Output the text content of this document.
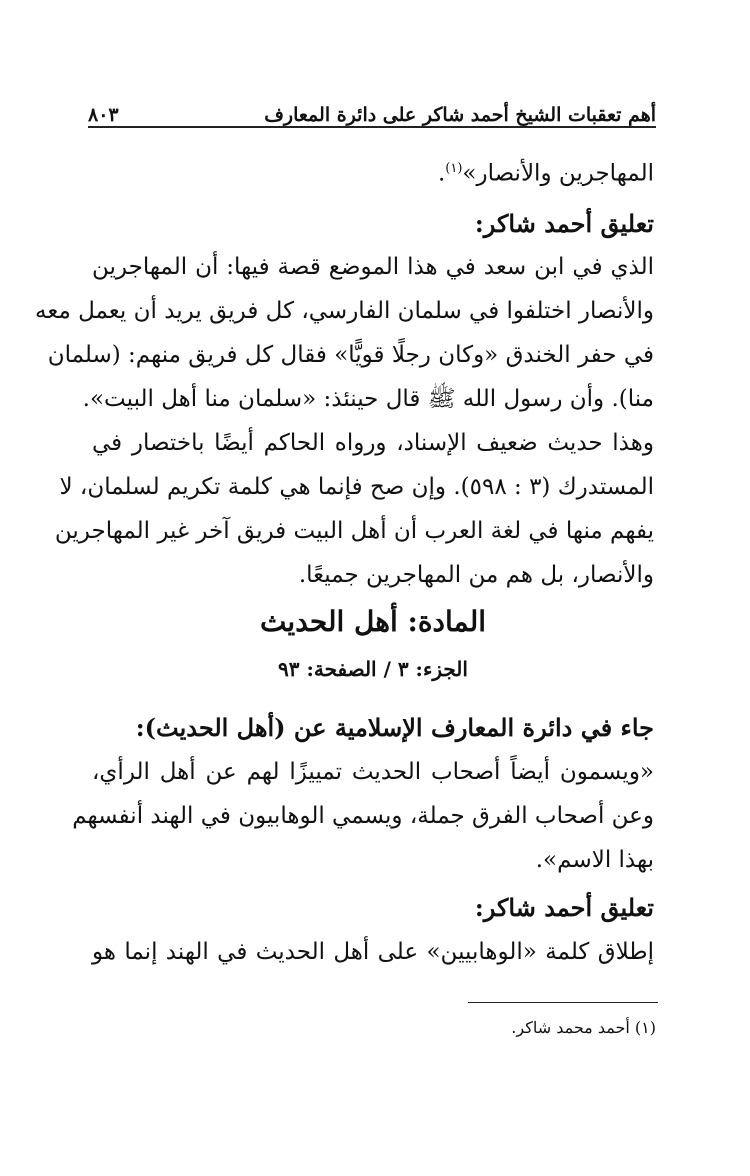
أهم تعقبات الشيخ أحمد شاكر على دائرة المعارف
٨٠٣
المهاجرين والأنصار»$^{(١)}$.
تعليق أحمد شاكر:
الذي في ابن سعد في هذا الموضع قصة فيها: أن المهاجرين
والأنصار اختلفوا في سلمان الفارسي، كل فريق يريد أن يعمل معه
في حفر الخندق «وكان رجلًا قويًّا» فقال كل فريق منهم: (سلمان
منا). وأن رسول الله ﷺ قال حينئذ: «سلمان منا أهل البيت».
وهذا حديث ضعيف الإسناد، ورواه الحاكم أيضًا باختصار في
المستدرك (٣ : ٥٩٨). وإن صح فإنما هي كلمة تكريم لسلمان، لا
يفهم منها في لغة العرب أن أهل البيت فريق آخر غير المهاجرين
والأنصار، بل هم من المهاجرين جميعًا.
المادة: أهل الحديث
الجزء: ٣ / الصفحة: ٩٣
جاء في دائرة المعارف الإسلامية عن (أهل الحديث):
«ويسمون أيضاً أصحاب الحديث تمييزًا لهم عن أهل الرأي،
وعن أصحاب الفرق جملة، ويسمي الوهابيون في الهند أنفسهم
بهذا الاسم».
تعليق أحمد شاكر:
إطلاق كلمة «الوهابيين» على أهل الحديث في الهند إنما هو
(١) أحمد محمد شاكر.
